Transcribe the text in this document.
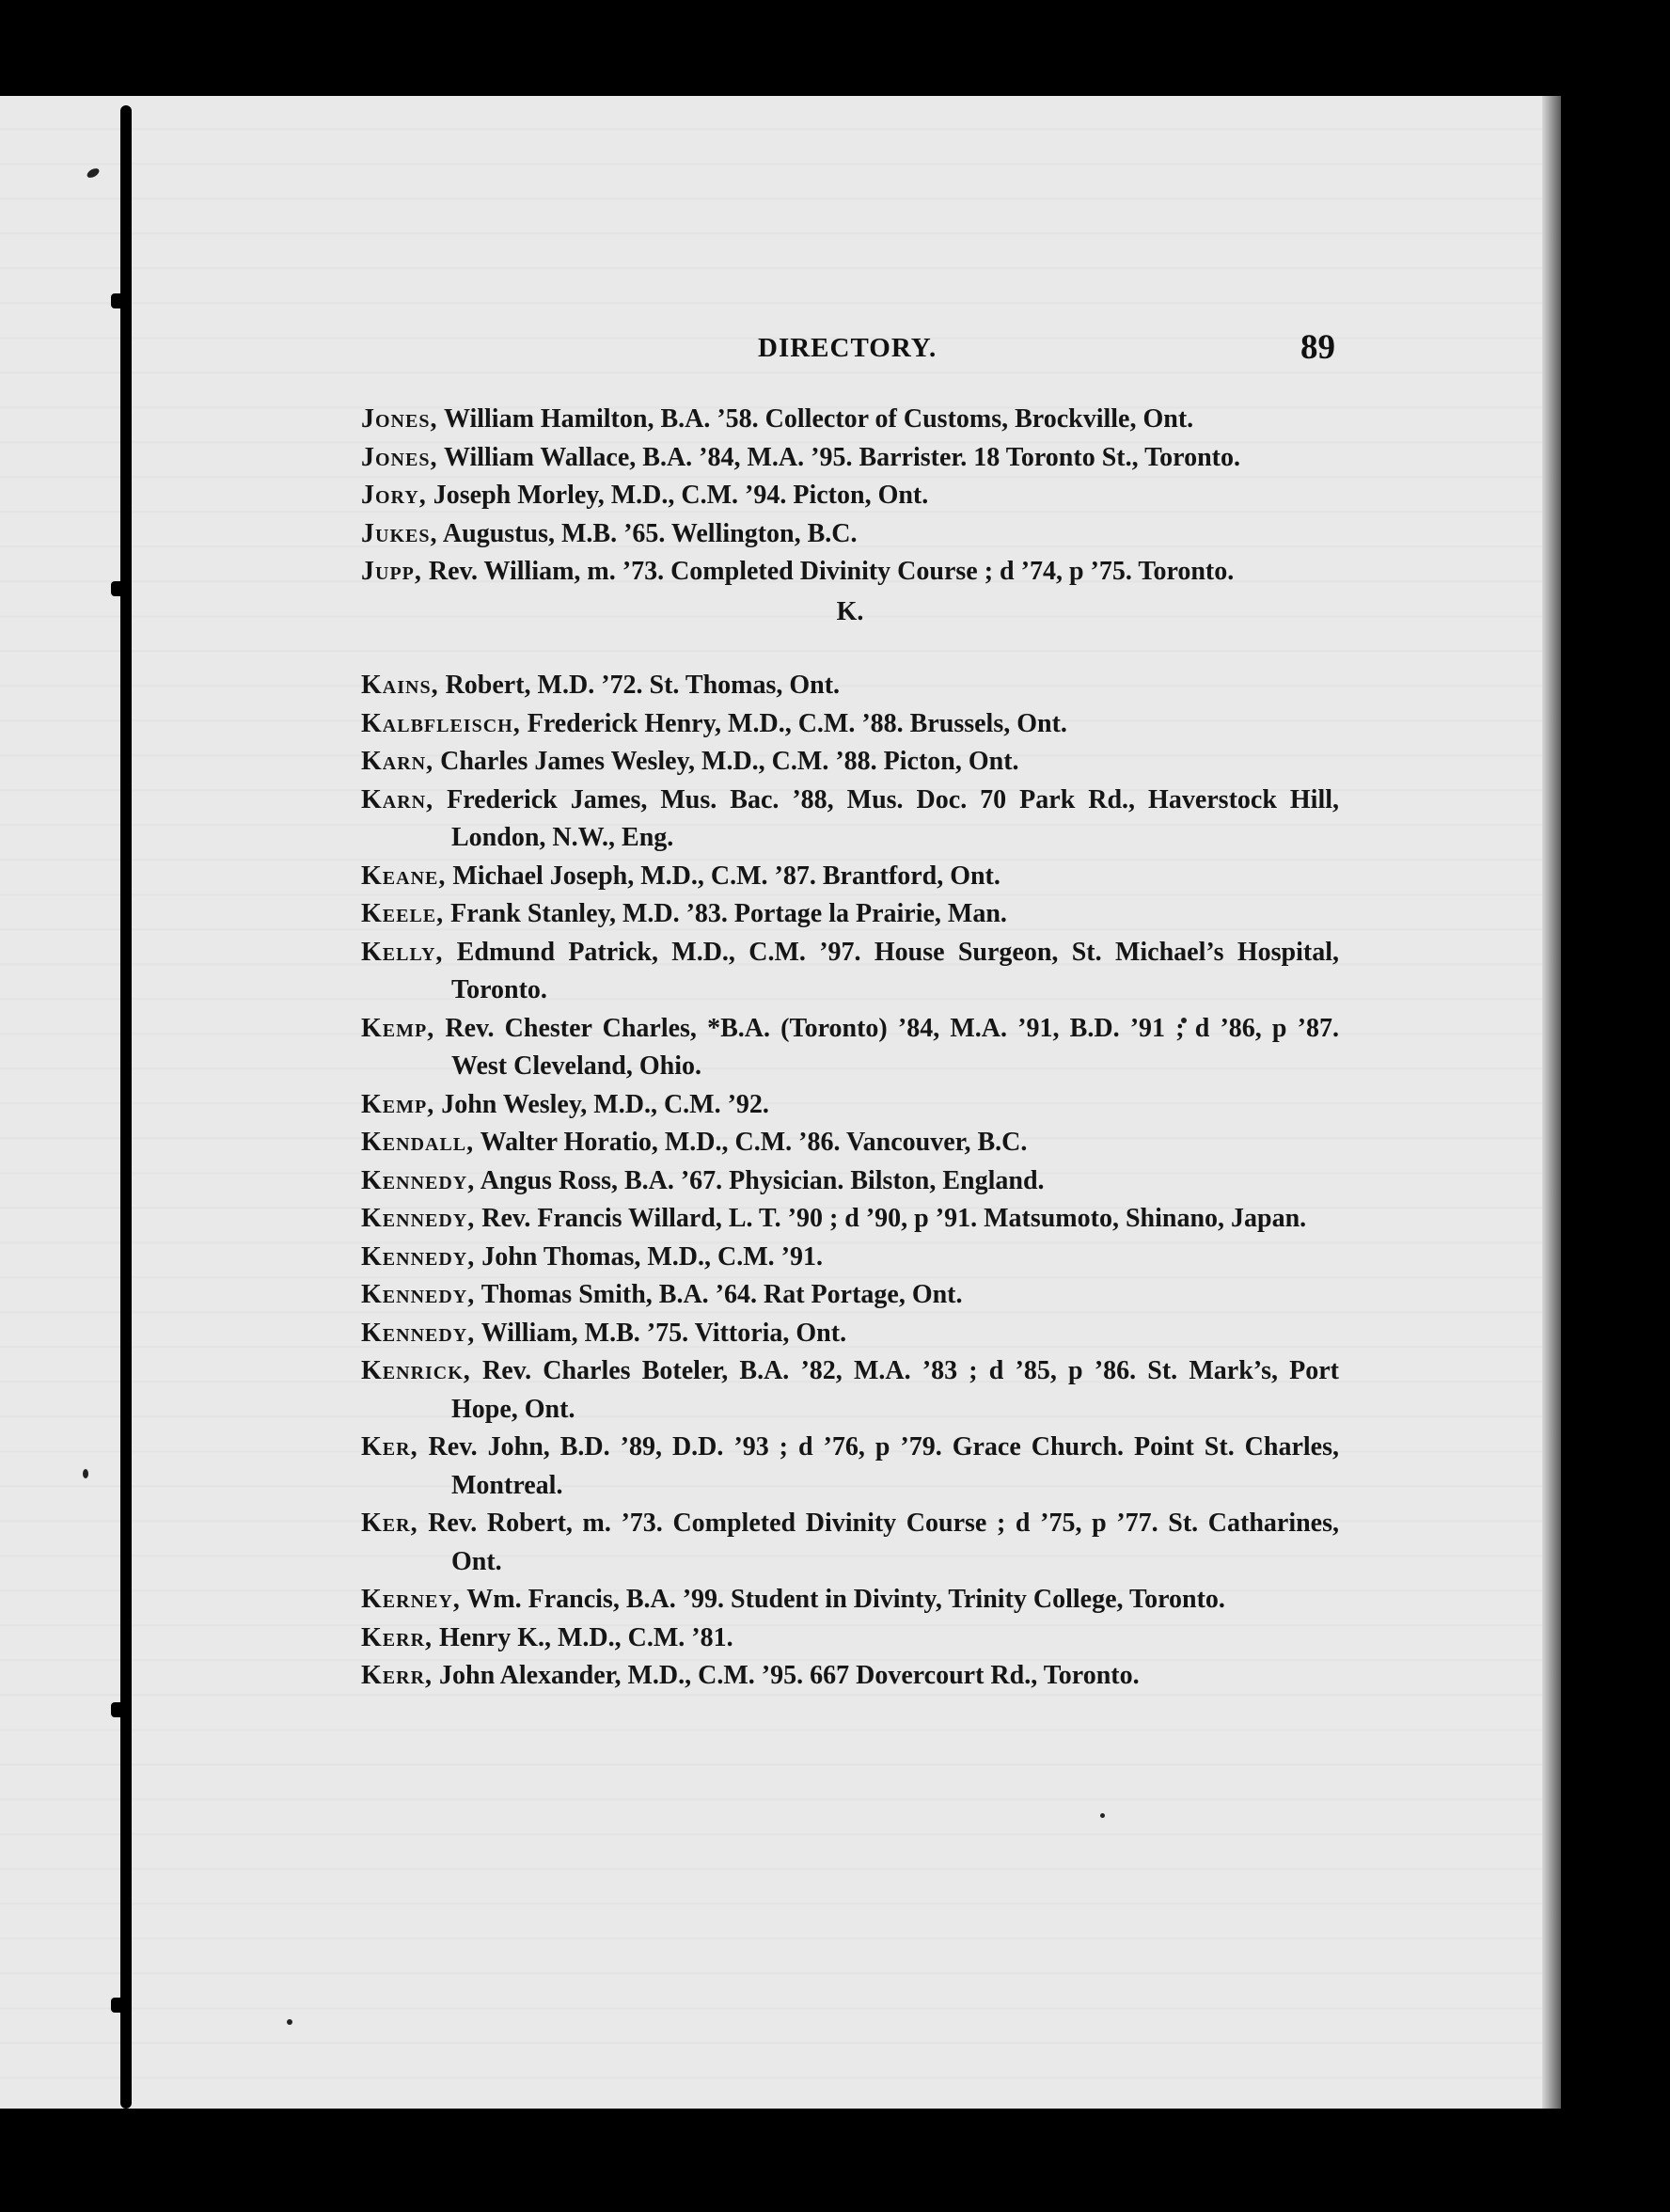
DIRECTORY.	89

Jones, William Hamilton, B.A. ’58. Collector of Customs, Brockville, Ont.

Jones, William Wallace, B.A. ’84, M.A. ’95. Barrister. 18 Toronto St., Toronto.

Jory, Joseph Morley, M.D., C.M. ’94. Picton, Ont.

Jukes, Augustus, M.B. ’65. Wellington, B.C.

Jupp, Rev. William, m. ’73. Completed Divinity Course ; d ’74, p ’75. Toronto.

K.

Kains, Robert, M.D. ’72. St. Thomas, Ont.

Kalbfleisch, Frederick Henry, M.D., C.M. ’88. Brussels, Ont.

Karn, Charles James Wesley, M.D., C.M. ’88. Picton, Ont.

Karn, Frederick James, Mus. Bac. ’88, Mus. Doc. 70 Park Rd., Haverstock Hill, London, N.W., Eng.

Keane, Michael Joseph, M.D., C.M. ’87. Brantford, Ont.

Keele, Frank Stanley, M.D. ’83. Portage la Prairie, Man.

Kelly, Edmund Patrick, M.D., C.M. ’97. House Surgeon, St. Michael’s Hospital, Toronto.

Kemp, Rev. Chester Charles, *B.A. (Toronto) ’84, M.A. ’91, B.D. ’91 ; d ’86, p ’87. West Cleveland, Ohio.

Kemp, John Wesley, M.D., C.M. ’92.

Kendall, Walter Horatio, M.D., C.M. ’86. Vancouver, B.C.

Kennedy, Angus Ross, B.A. ’67. Physician. Bilston, England.

Kennedy, Rev. Francis Willard, L. T. ’90 ; d ’90, p ’91. Matsumoto, Shinano, Japan.

Kennedy, John Thomas, M.D., C.M. ’91.

Kennedy, Thomas Smith, B.A. ’64. Rat Portage, Ont.

Kennedy, William, M.B. ’75. Vittoria, Ont.

Kenrick, Rev. Charles Boteler, B.A. ’82, M.A. ’83 ; d ’85, p ’86. St. Mark’s, Port Hope, Ont.

Ker, Rev. John, B.D. ’89, D.D. ’93 ; d ’76, p ’79. Grace Church. Point St. Charles, Montreal.

Ker, Rev. Robert, m. ’73. Completed Divinity Course ; d ’75, p ’77. St. Catharines, Ont.

Kerney, Wm. Francis, B.A. ’99. Student in Divinty, Trinity College, Toronto.

Kerr, Henry K., M.D., C.M. ’81.

Kerr, John Alexander, M.D., C.M. ’95. 667 Dovercourt Rd., Toronto.
